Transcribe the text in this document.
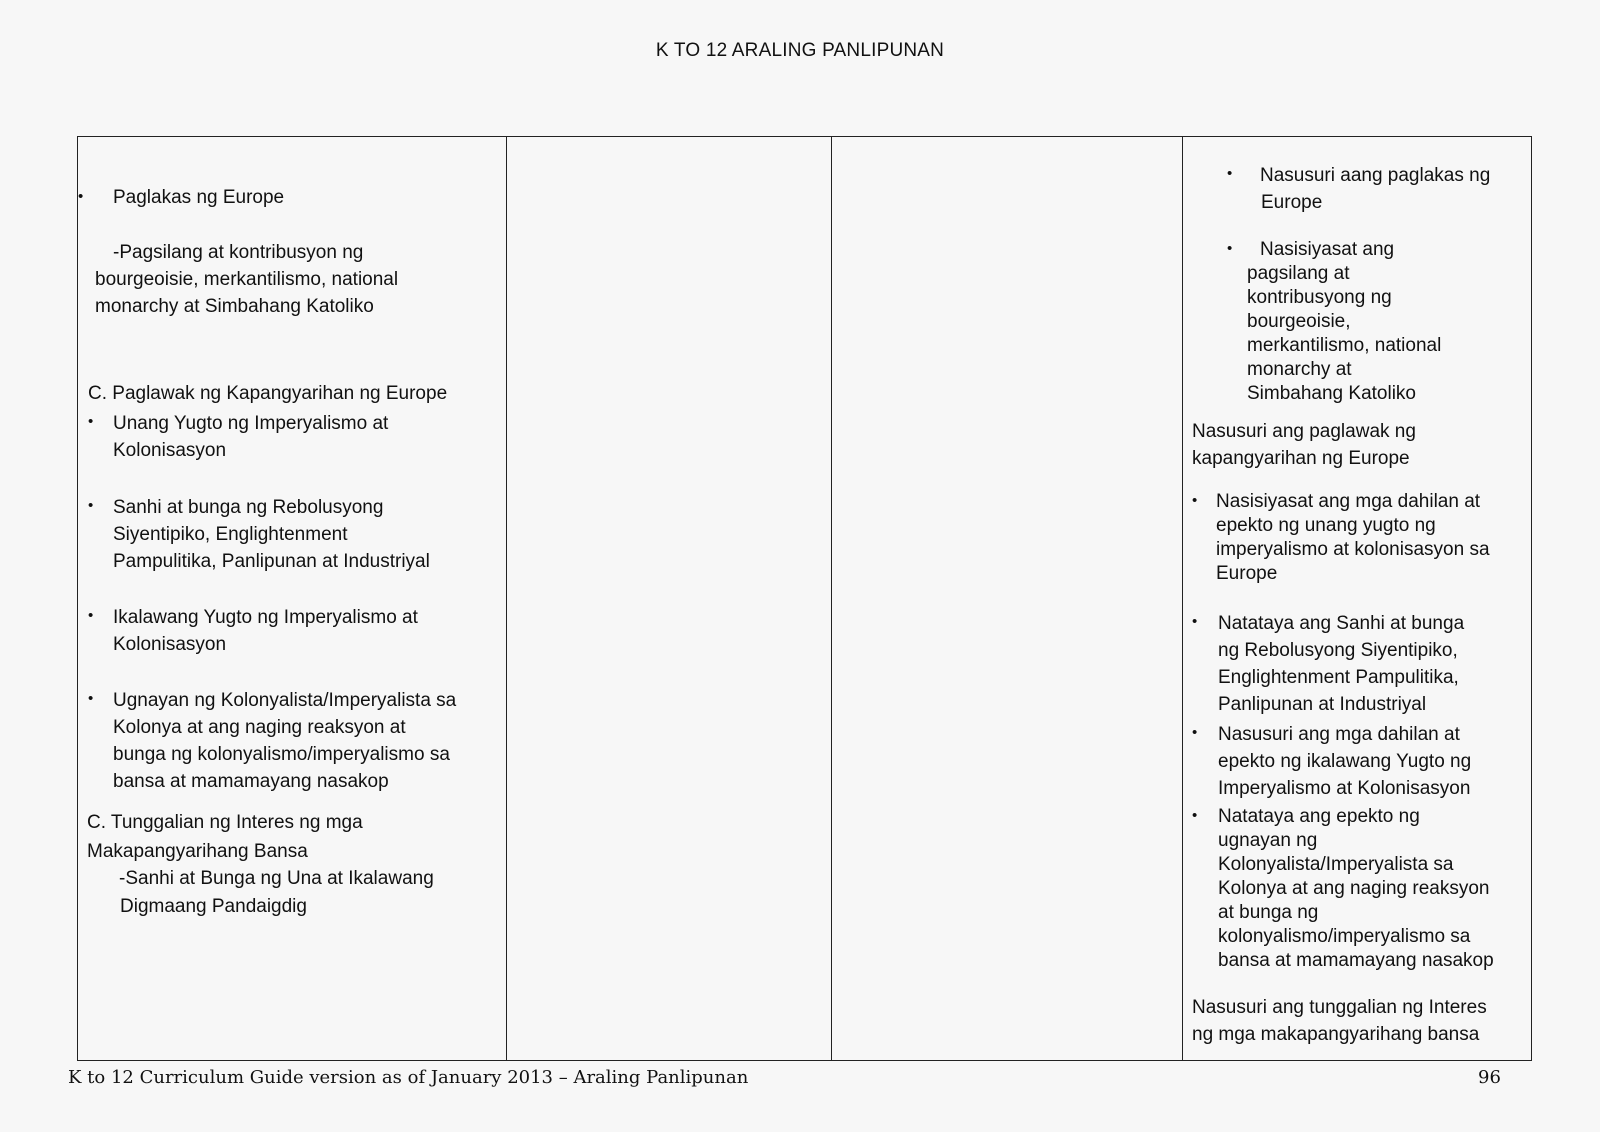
K TO 12 ARALING PANLIPUNAN
•
Paglakas ng Europe
-Pagsilang at kontribusyon ng
bourgeoisie, merkantilismo, national
monarchy at Simbahang Katoliko
C. Paglawak ng Kapangyarihan ng Europe
•
Unang Yugto ng Imperyalismo at
Kolonisasyon
•
Sanhi at bunga ng Rebolusyong
Siyentipiko, Englightenment
Pampulitika, Panlipunan at Industriyal
•
Ikalawang Yugto ng Imperyalismo at
Kolonisasyon
•
Ugnayan ng Kolonyalista/Imperyalista sa
Kolonya at ang naging reaksyon at
bunga ng kolonyalismo/imperyalismo sa
bansa at mamamayang nasakop
C. Tunggalian ng Interes ng mga
Makapangyarihang Bansa
-Sanhi at Bunga ng Una at Ikalawang
Digmaang Pandaigdig
•
Nasusuri aang paglakas ng
Europe
•
Nasisiyasat ang
pagsilang at
kontribusyong ng
bourgeoisie,
merkantilismo, national
monarchy at
Simbahang Katoliko
Nasusuri ang paglawak ng
kapangyarihan ng Europe
•
Nasisiyasat ang mga dahilan at
epekto ng unang yugto ng
imperyalismo at kolonisasyon sa
Europe
•
Natataya ang Sanhi at bunga
ng Rebolusyong Siyentipiko,
Englightenment Pampulitika,
Panlipunan at Industriyal
•
Nasusuri ang mga dahilan at
epekto ng ikalawang Yugto ng
Imperyalismo at Kolonisasyon
•
Natataya ang epekto ng
ugnayan ng
Kolonyalista/Imperyalista sa
Kolonya at ang naging reaksyon
at bunga ng
kolonyalismo/imperyalismo sa
bansa at mamamayang nasakop
Nasusuri ang tunggalian ng Interes
ng mga makapangyarihang bansa
K to 12 Curriculum Guide version as of January 2013 – Araling Panlipunan	96
